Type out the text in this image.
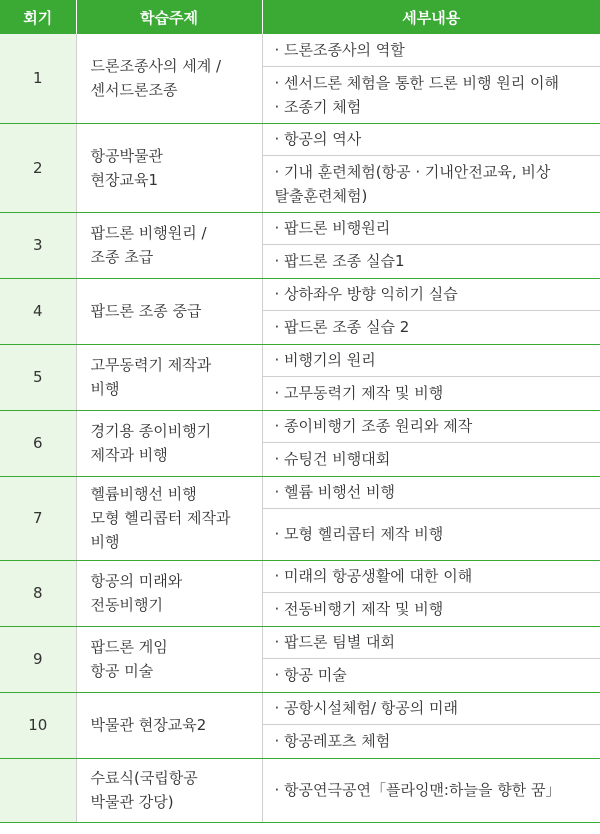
회기	학습주제	세부내용
1	드론조종사의 세계 /
센서드론조종	· 드론조종사의 역할

		· 센서드론 체험을 통한 드론 비행 원리 이해
· 조종기 체험

2	항공박물관
현장교육1	· 항공의 역사

		· 기내 훈련체험(항공 · 기내안전교육, 비상
탈출훈련체험)

3	팝드론 비행원리 /
조종 초급	· 팝드론 비행원리

		· 팝드론 조종 실습1

4	팝드론 조종 중급	· 상하좌우 방향 익히기 실습

		· 팝드론 조종 실습 2

5	고무동력기 제작과
비행	· 비행기의 원리

		· 고무동력기 제작 및 비행

6	경기용 종이비행기
제작과 비행	· 종이비행기 조종 원리와 제작

		· 슈팅건 비행대회

7	헬륨비행선 비행
모형 헬리콥터 제작과
비행	· 헬륨 비행선 비행

		· 모형 헬리콥터 제작 비행

8	항공의 미래와
전동비행기	· 미래의 항공생활에 대한 이해

		· 전동비행기 제작 및 비행

9	팝드론 게임
항공 미술	· 팝드론 팀별 대회

		· 항공 미술

10	박물관 현장교육2	· 공항시설체험/ 항공의 미래

		· 항공레포츠 체험

	수료식(국립항공
박물관 강당)	· 항공연극공연「플라잉맨:하늘을 향한 꿈」
